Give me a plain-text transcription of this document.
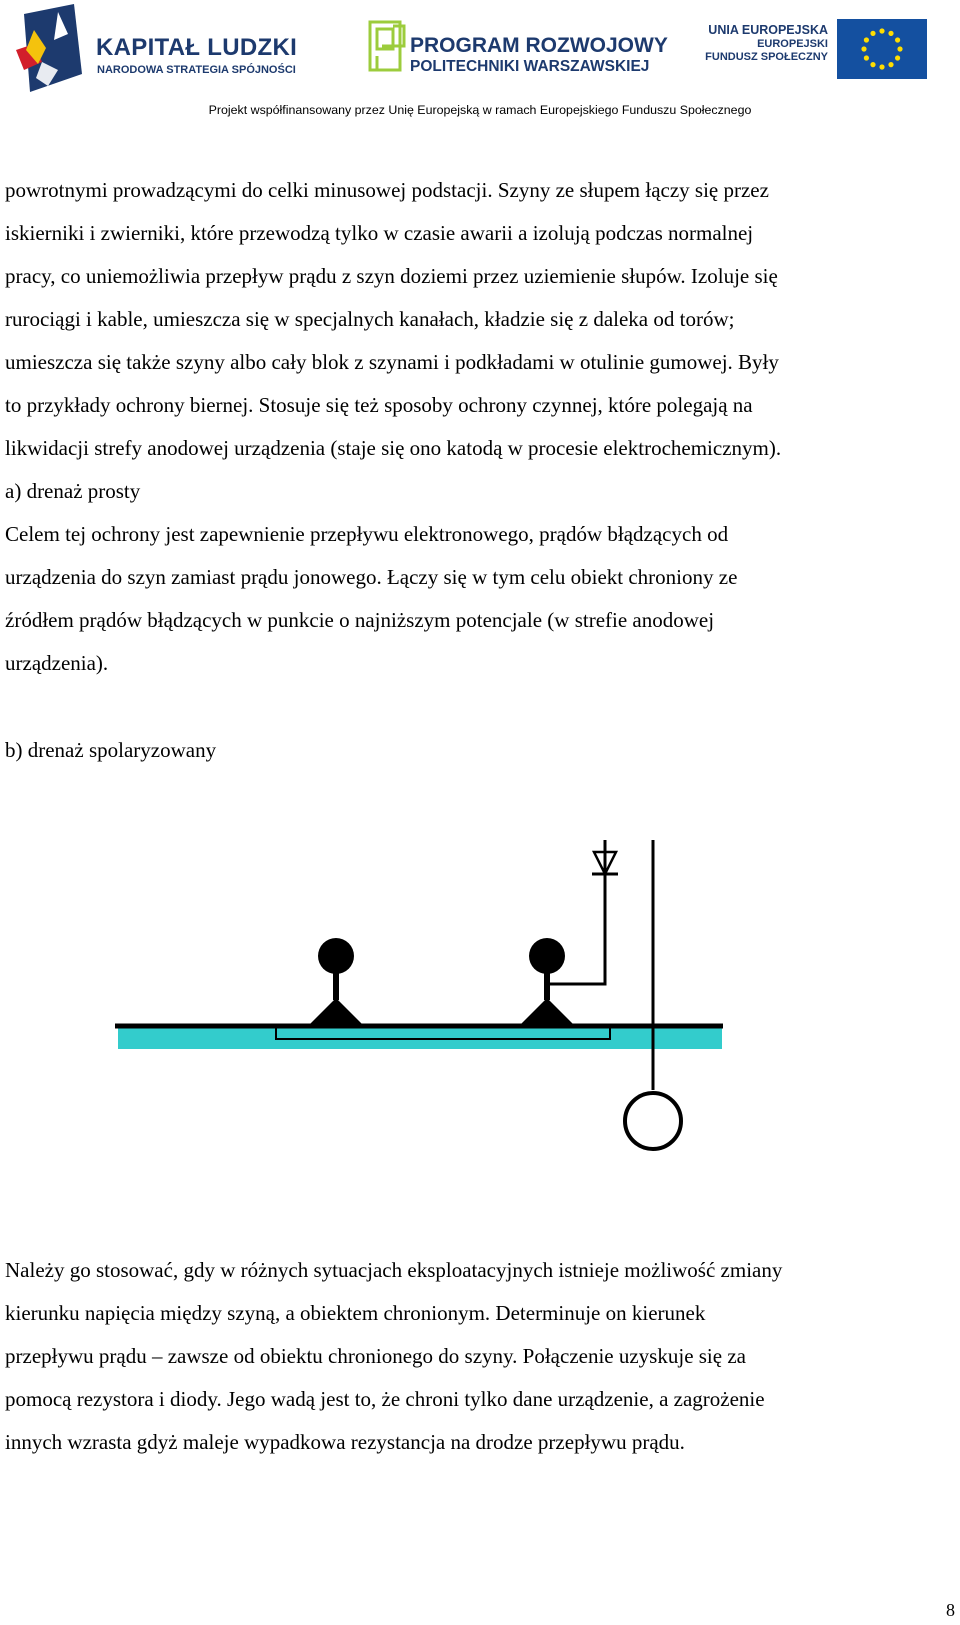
KAPITAŁ LUDZKI
NARODOWA STRATEGIA SPÓJNOŚCI
PROGRAM ROZWOJOWY
POLITECHNIKI WARSZAWSKIEJ
UNIA EUROPEJSKA
EUROPEJSKI
FUNDUSZ SPOŁECZNY
Projekt współfinansowany przez Unię Europejską w ramach Europejskiego Funduszu Społecznego
powrotnymi prowadzącymi do celki minusowej podstacji. Szyny ze słupem łączy się przez
iskierniki i zwierniki, które przewodzą tylko w czasie awarii a izolują podczas normalnej
pracy, co uniemożliwia przepływ prądu z szyn doziemi przez uziemienie słupów. Izoluje się
rurociągi i kable, umieszcza się w specjalnych kanałach, kładzie się z daleka od torów;
umieszcza się także szyny albo cały blok z szynami i podkładami w otulinie gumowej. Były
to przykłady ochrony biernej. Stosuje się też sposoby ochrony czynnej, które polegają na
likwidacji strefy anodowej urządzenia (staje się ono katodą w procesie elektrochemicznym).
a) drenaż prosty
Celem tej ochrony jest zapewnienie przepływu elektronowego, prądów błądzących od
urządzenia do szyn zamiast prądu jonowego. Łączy się w tym celu obiekt chroniony ze
źródłem prądów błądzących w punkcie o najniższym potencjale (w strefie anodowej
urządzenia).
b) drenaż spolaryzowany
Należy go stosować, gdy w różnych sytuacjach eksploatacyjnych istnieje możliwość zmiany
kierunku napięcia między szyną, a obiektem chronionym. Determinuje on kierunek
przepływu prądu – zawsze od obiektu chronionego do szyny. Połączenie uzyskuje się za
pomocą rezystora i diody. Jego wadą jest to, że chroni tylko dane urządzenie, a zagrożenie
innych wzrasta gdyż maleje wypadkowa rezystancja na drodze przepływu prądu.
8
